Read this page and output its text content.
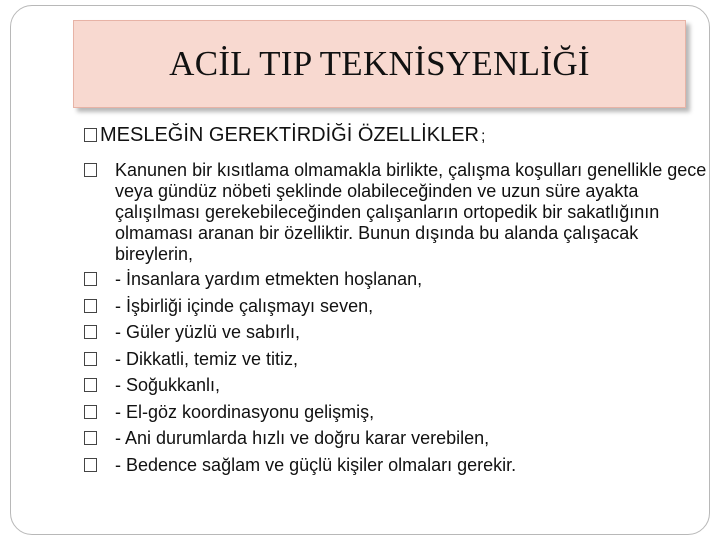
ACİL TIP TEKNİSYENLİĞİ
MESLEĞİN GEREKTİRDİĞİ ÖZELLİKLER ;
Kanunen bir kısıtlama olmamakla birlikte, çalışma koşulları genellikle gece veya gündüz nöbeti şeklinde olabileceğinden ve uzun süre ayakta çalışılması gerekebileceğinden çalışanların ortopedik bir sakatlığının olmaması aranan bir özelliktir. Bunun dışında bu alanda çalışacak bireylerin,
- İnsanlara yardım etmekten hoşlanan,
- İşbirliği içinde çalışmayı seven,
- Güler yüzlü ve sabırlı,
- Dikkatli, temiz ve titiz,
- Soğukkanlı,
- El-göz koordinasyonu gelişmiş,
- Ani durumlarda hızlı ve doğru karar verebilen,
- Bedence sağlam ve güçlü kişiler olmaları gerekir.
